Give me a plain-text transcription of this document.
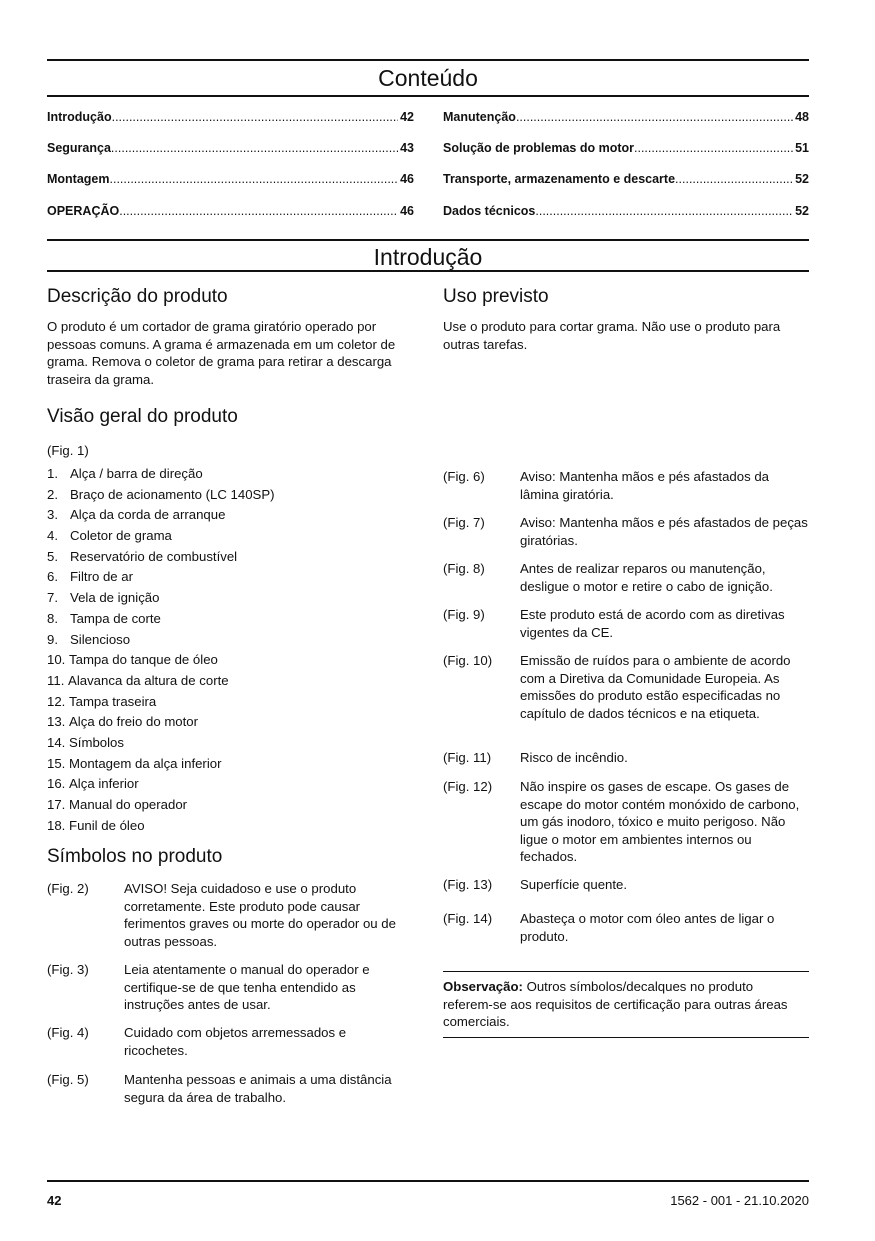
Conteúdo
Introdução .....	42
Segurança .....	43
Montagem .....	46
OPERAÇÃO .....	46
Manutenção .....	48
Solução de problemas do motor .....	51
Transporte, armazenamento e descarte .....	52
Dados técnicos .....	52
Introdução
Descrição do produto

O produto é um cortador de grama giratório operado por pessoas comuns. A grama é armazenada em um coletor de grama. Remova o coletor de grama para retirar a descarga traseira da grama.

Uso previsto

Use o produto para cortar grama. Não use o produto para outras tarefas.

Visão geral do produto

(Fig. 1)

1. Alça / barra de direção
2. Braço de acionamento (LC 140SP)
3. Alça da corda de arranque
4. Coletor de grama
5. Reservatório de combustível
6. Filtro de ar
7. Vela de ignição
8. Tampa de corte
9. Silencioso
10.
Tampa do tanque de óleo
11.
Alavanca da altura de corte
12.
Tampa traseira
13.
Alça do freio do motor
14.
Símbolos
15.
Montagem da alça inferior
16.
Alça inferior
17.
Manual do operador
18.
Funil de óleo
Símbolos no produto
(Fig. 2)	AVISO! Seja cuidadoso e use o produto corretamente. Este produto pode causar ferimentos graves ou morte do operador ou de outras pessoas.
(Fig. 3)	Leia atentamente o manual do operador e certifique-se de que tenha entendido as instruções antes de usar.
(Fig. 4)	Cuidado com objetos arremessados e ricochetes.
(Fig. 5)	Mantenha pessoas e animais a uma distância segura da área de trabalho.
(Fig. 6)	Aviso: Mantenha mãos e pés afastados da lâmina giratória.
(Fig. 7)	Aviso: Mantenha mãos e pés afastados de peças giratórias.
(Fig. 8)	Antes de realizar reparos ou manutenção, desligue o motor e retire o cabo de ignição.
(Fig. 9)	Este produto está de acordo com as diretivas vigentes da CE.
(Fig. 10)	Emissão de ruídos para o ambiente de acordo com a Diretiva da Comunidade Europeia. As emissões do produto estão especificadas no capítulo de dados técnicos e na etiqueta.
(Fig. 11)	Risco de incêndio.
(Fig. 12)	Não inspire os gases de escape. Os gases de escape do motor contém monóxido de carbono, um gás inodoro, tóxico e muito perigoso. Não ligue o motor em ambientes internos ou fechados.
(Fig. 13)	Superfície quente.
(Fig. 14)	Abasteça o motor com óleo antes de ligar o produto.

Observação: Outros símbolos/decalques no produto referem-se aos requisitos de certificação para outras áreas comerciais.

42	1562 - 001 - 21.10.2020
